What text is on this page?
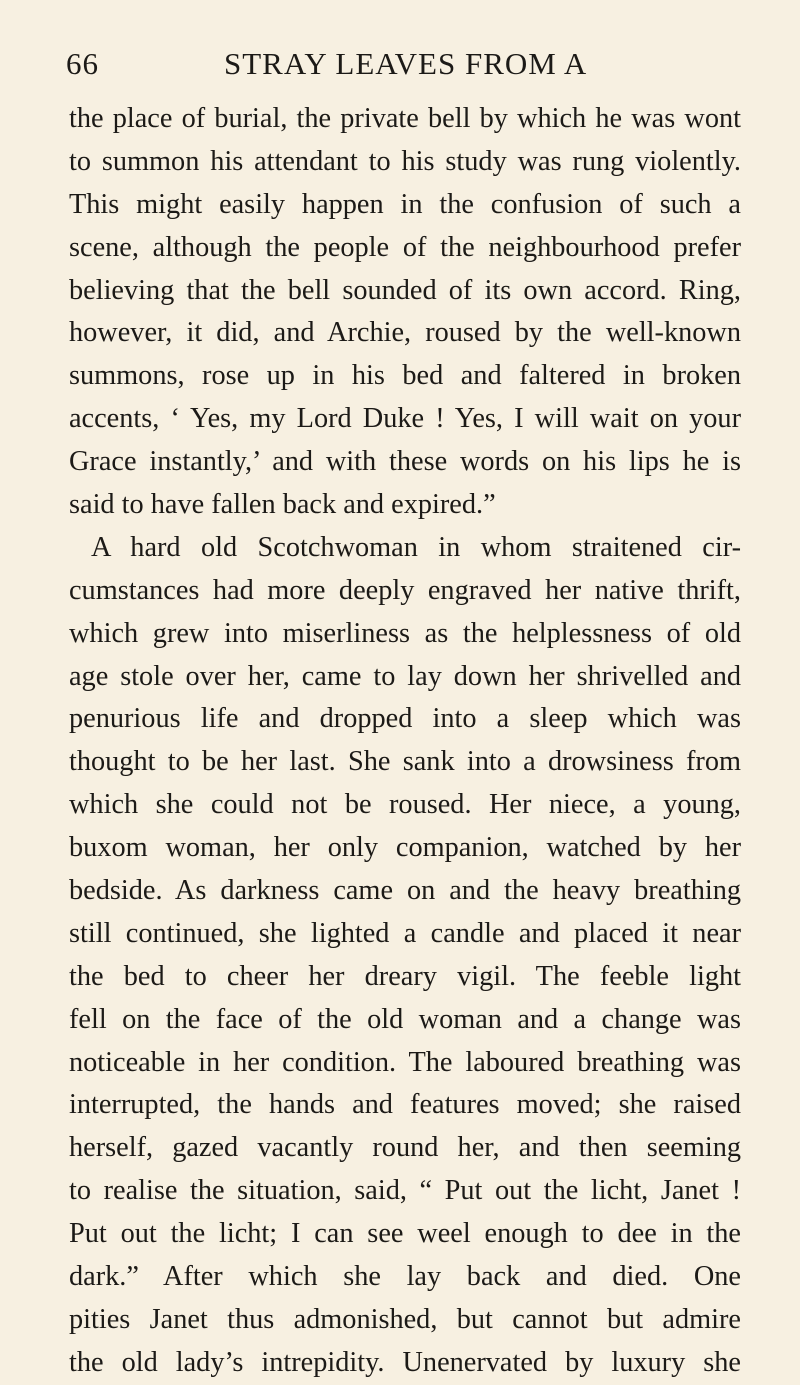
66	STRAY LEAVES FROM A
the place of burial, the private bell by which he was wont
to summon his attendant to his study was rung violently.
This might easily happen in the confusion of such a
scene, although the people of the neighbourhood prefer
believing that the bell sounded of its own accord. Ring,
however, it did, and Archie, roused by the well-known
summons, rose up in his bed and faltered in broken
accents, ‘ Yes, my Lord Duke ! Yes, I will wait on your
Grace instantly,’ and with these words on his lips he is
said to have fallen back and expired.”
A hard old Scotchwoman in whom straitened cir-
cumstances had more deeply engraved her native thrift,
which grew into miserliness as the helplessness of old
age stole over her, came to lay down her shrivelled and
penurious life and dropped into a sleep which was
thought to be her last. She sank into a drowsiness from
which she could not be roused. Her niece, a young,
buxom woman, her only companion, watched by her
bedside. As darkness came on and the heavy breathing
still continued, she lighted a candle and placed it near
the bed to cheer her dreary vigil. The feeble light
fell on the face of the old woman and a change was
noticeable in her condition. The laboured breathing was
interrupted, the hands and features moved; she raised
herself, gazed vacantly round her, and then seeming
to realise the situation, said, “ Put out the licht, Janet !
Put out the licht; I can see weel enough to dee in the
dark.” After which she lay back and died. One
pities Janet thus admonished, but cannot but admire
the old lady’s intrepidity. Unenervated by luxury she
